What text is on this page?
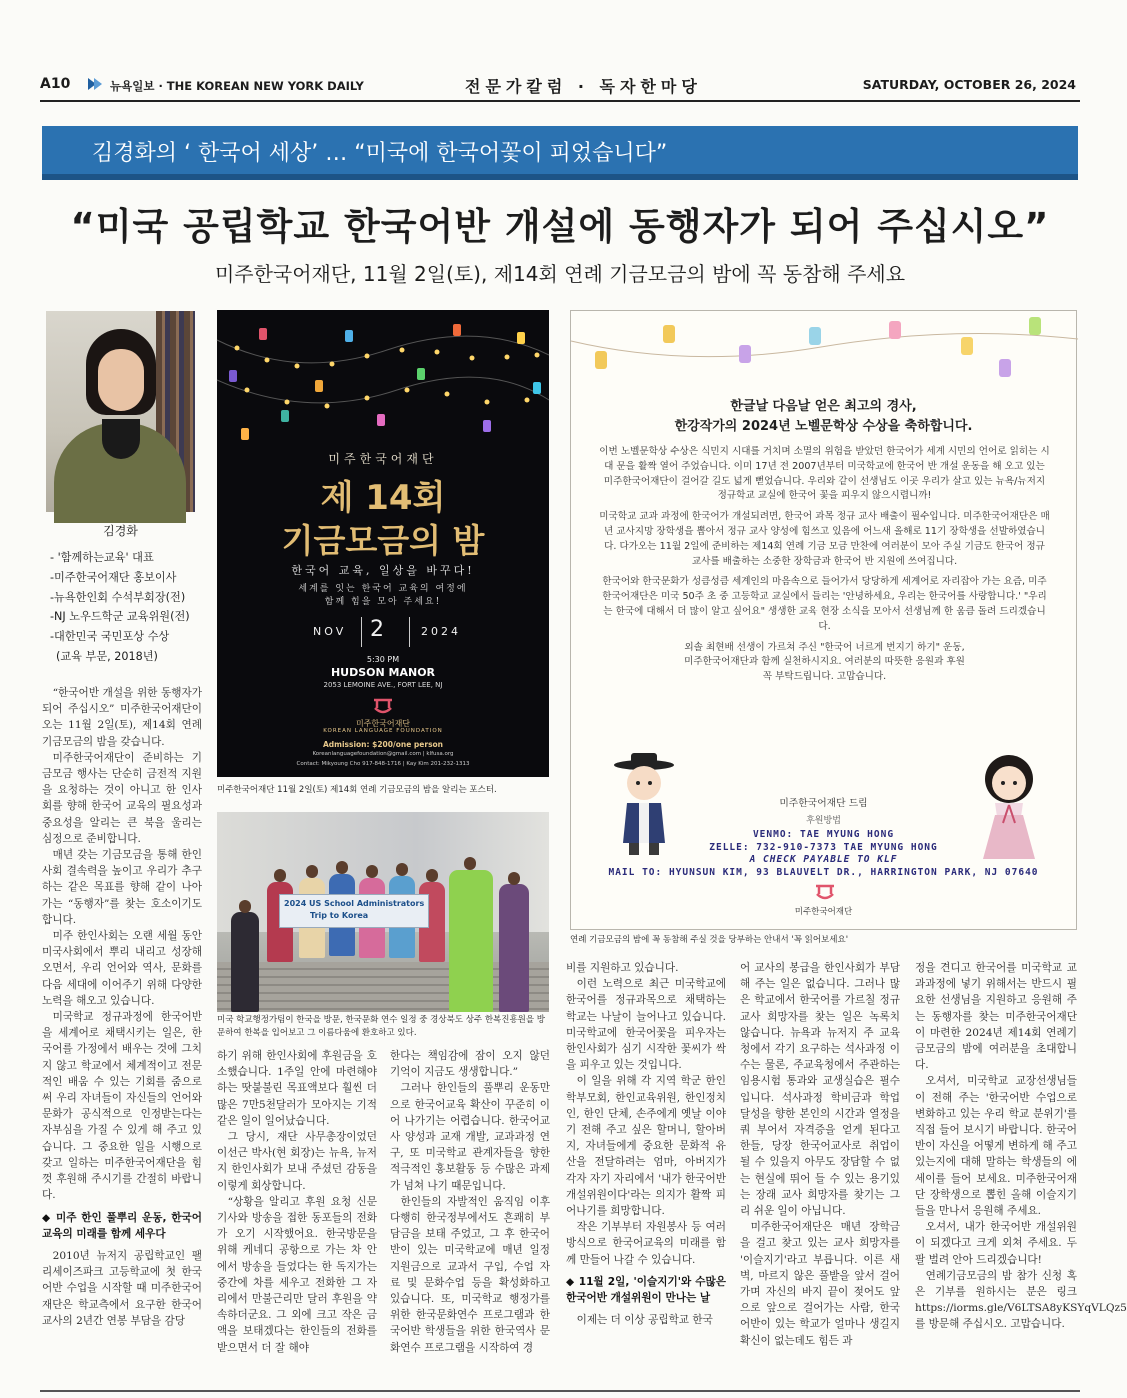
A10	뉴욕일보 · THE KOREAN NEW YORK DAILY	전문가칼럼 · 독자한마당	SATURDAY, OCTOBER 26, 2024
김경화의 ‘ 한국어 세상’ … “미국에 한국어꽃이 피었습니다”
“미국 공립학교 한국어반 개설에 동행자가 되어 주십시오”
미주한국어재단, 11월 2일(토), 제14회 연례 기금모금의 밤에 꼭 동참해 주세요
김경화
- '함께하는교육' 대표
-미주한국어재단 홍보이사
-뉴욕한인회 수석부회장(전)
-NJ 노우드학군 교육위원(전)
-대한민국 국민포상 수상
(교육 부문, 2018년)

“한국어반 개설을 위한 동행자가 되어 주십시오” 미주한국어재단이 오는 11월 2일(토), 제14회 연례 기금모금의 밤을 갖습니다.

미주한국어재단이 준비하는 기금모금 행사는 단순히 금전적 지원을 요청하는 것이 아니고 한 인사회를 향해 한국어 교육의 필요성과 중요성을 알리는 큰 북을 울리는 심정으로 준비합니다.

매년 갖는 기금모금을 통해 한인사회 결속력을 높이고 우리가 추구하는 같은 목표를 향해 같이 나아가는 “동행자”를 찾는 호소이기도 합니다.

미주 한인사회는 오랜 세월 동안 미국사회에서 뿌리 내리고 성장해 오면서, 우리 언어와 역사, 문화를 다음 세대에 이어주기 위해 다양한 노력을 해오고 있습니다.

미국학교 정규과정에 한국어반을 세계어로 채택시키는 일은, 한국어를 가정에서 배우는 것에 그치지 않고 학교에서 체계적이고 전문적인 배움 수 있는 기회를 줌으로써 우리 자녀들이 자신들의 언어와 문화가 공식적으로 인정받는다는 자부심을 가질 수 있게 해 주고 있습니다. 그 중요한 일을 시행으로 갖고 일하는 미주한국어재단을 힘껏 후원해 주시기를 간절히 바랍니다.

◆ 미주 한인 풀뿌리 운동, 한국어교육의 미래를 함께 세우다

2010년 뉴저지 공립학교인 팰리세이즈파크 고등학교에 첫 한국어반 수업을 시작할 때 미주한국어재단은 학교측에서 요구한 한국어교사의 2년간 연봉 부담을 감당

미주한국어재단
제 14회
기금모금의 밤
한국어 교육, 일상을 바꾸다!
세계를 잇는 한국어 교육의 여정에
함께 힘을 모아 주세요!
NOV 2	2024
5:30 PM
HUDSON MANOR
2053 LEMOINE AVE., FORT LEE, NJ
미주한국어재단
KOREAN LANGUAGE FOUNDATION
Admission: $200/one person
Koreanlanguagefoundation@gmail.com | klfusa.org
Contact: Mikyoung Cho 917-848-1716 | Kay Kim 201-232-1313
미주한국어재단 11월 2일(토) 제14회 연례 기금모금의 밤을 알리는 포스터.
2024 US School Administrators
Trip to Korea
미국 학교행정가팀이 한국을 방문, 한국문화 연수 일정 중 경상북도 상주 한복진흥원을 방문하여 한복을 입어보고 그 이름다움에 환호하고 있다.
한글날 다음날 얻은 최고의 경사,
한강작가의 2024년 노벨문학상 수상을 축하합니다.

이번 노벨문학상 수상은 식민지 시대를 거치며 소멸의 위험을 받았던 한국어가 세계 시민의 언어로 읽히는 시대 문을 활짝 열어 주었습니다. 이미 17년 전 2007년부터 미국학교에 한국어 반 개설 운동을 해 오고 있는 미주한국어재단이 걸어갈 길도 넓게 뻗었습니다. 우리와 같이 선생님도 이곳 우리가 살고 있는 뉴욕/뉴저지 정규학교 교실에 한국어 꽃을 피우지 않으시렵니까!

미국학교 교과 과정에 한국어가 개설되려면, 한국어 과목 정규 교사 배출이 필수입니다. 미주한국어재단은 매년 교사지망 장학생을 뽑아서 정규 교사 양성에 힘쓰고 있음에 어느새 올해로 11기 장학생을 선발하였습니다. 다가오는 11월 2일에 준비하는 제14회 연례 기금 모금 만찬에 여러분이 모아 주실 기금도 한국어 정규 교사를 배출하는 소중한 장학금과 한국어 반 지원에 쓰여집니다.

한국어와 한국문화가 성큼성큼 세계인의 마음속으로 들어가서 당당하게 세계어로 자리잡아 가는 요즘, 미주한국어재단은 미국 50주 초 중 고등학교 교실에서 들리는 '안녕하세요, 우리는 한국어를 사랑합니다.' "우리는 한국에 대해서 더 많이 알고 싶어요" 생생한 교육 현장 소식을 모아서 선생님께 한 움큼 돌려 드리겠습니다.

외솔 최현배 선생이 가르쳐 주신 "한국어 너르게 번지기 하기" 운동, 미주한국어재단과 함께 실천하시지요. 여러분의 따뜻한 응원과 후원 꼭 부탁드립니다. 고맙습니다.

미주한국어재단 드림
후원방법
VENMO: TAE MYUNG HONG
ZELLE: 732-910-7373 TAE MYUNG HONG
A CHECK PAYABLE TO KLF
MAIL TO: HYUNSUN KIM, 93 BLAUVELT DR., HARRINGTON PARK, NJ 07640
미주한국어재단
연례 기금모금의 밤에 꼭 동참해 주실 것을 당부하는 안내서 '꼭 읽어보세요'

하기 위해 한인사회에 후원금을 호소했습니다. 1주일 안에 마련해야 하는 땃붙불린 목표액보다 훨씬 더 많은 7만5천달러가 모아지는 기적 같은 일이 일어났습니다.

그 당시, 재단 사무총장이었던 이선근 박사(현 회장)는 뉴욕, 뉴저지 한인사회가 보내 주셨던 감동을 이렇게 회상합니다.

“상황을 알리고 후원 요청 신문 기사와 방송을 접한 동포들의 전화가 오기 시작했어요. 한국방문을 위해 케네디 공항으로 가는 차 안에서 방송을 들었다는 한 독지가는 중간에 차를 세우고 전화한 그 자리에서 만불근리만 달러 후원을 약속하더군요. 그 외에 크고 작은 금액을 보태겠다는 한인들의 전화를 받으면서 더 잘 해야

한다는 책임감에 잠이 오지 않던 기억이 지금도 생생합니다.”

그러나 한인들의 풀뿌리 운동만으로 한국어교육 확산이 꾸준히 이어 나가기는 어렵습니다. 한국어교사 양성과 교재 개발, 교과과정 연구, 또 미국학교 관계자들을 향한 적극적인 홍보활동 등 수많은 과제가 넘쳐 나기 때문입니다.

한인들의 자발적인 움직임 이후 다행히 한국정부에서도 흔쾌히 부담금을 보태 주었고, 그 후 한국어반이 있는 미국학교에 매년 일정 지원금으로 교과서 구입, 수업 자료 및 문화수업 등을 확성화하고 있습니다. 또, 미국학교 행정가를 위한 한국문화연수 프로그램과 한국어반 학생들을 위한 한국역사 문화연수 프로그램을 시작하여 경

비를 지원하고 있습니다.

이런 노력으로 최근 미국학교에 한국어를 정규과목으로 채택하는 학교는 나날이 늘어나고 있습니다. 미국학교에 한국어꽃을 피우자는 한인사회가 심기 시작한 꽃씨가 싹을 피우고 있는 것입니다.

이 일을 위해 각 지역 학군 한인학부모회, 한인교육위원, 한인정치인, 한인 단체, 손주에게 옛날 이야기 전해 주고 싶은 할머니, 할아버지, 자녀들에게 중요한 문화적 유산을 전달하려는 엄마, 아버지가 각자 자기 자리에서 '내가 한국어반 개설위원이다'라는 의지가 활짝 피어나기를 희망합니다.

작은 기부부터 자원봉사 등 여러 방식으로 한국어교육의 미래를 함께 만들어 나갈 수 있습니다.

◆ 11월 2일, '이슬지기'와 수많은 한국어반 개설위원이 만나는 날

이제는 더 이상 공립학교 한국

어 교사의 봉급을 한인사회가 부담해 주는 일은 없습니다. 그러나 많은 학교에서 한국어를 가르칠 정규교사 희망자를 찾는 일은 녹록치 않습니다. 뉴욕과 뉴저지 주 교육청에서 각기 요구하는 석사과정 이수는 물론, 주교육청에서 주관하는 임용시험 통과와 교생실습은 필수입니다. 석사과정 학비금과 학업 달성을 향한 본인의 시간과 열정을 쿼 부어서 자격증을 얻게 된다고 한들, 당장 한국어교사로 취업이 될 수 있을지 아무도 장담할 수 없는 현실에 뛰어 들 수 있는 용기있는 장래 교사 희망자를 찾기는 그리 쉬운 일이 아닙니다.

미주한국어재단은 매년 장학금을 걸고 찾고 있는 교사 희망자를 '이슬지기'라고 부릅니다. 이른 새벽, 마르지 않은 풀밭을 앞서 걸어가며 자신의 바지 끝이 젖어도 앞으로 앞으로 걸어가는 사람, 한국어반이 있는 학교가 얼마나 생길지 확신이 없는데도 힘든 과

정을 견디고 한국어를 미국학교 교과과정에 넣기 위해서는 반드시 필요한 선생님을 지원하고 응원해 주는 동행자를 찾는 미주한국어재단이 마련한 2024년 제14회 연례기금모금의 밤에 여러분을 초대합니다.

오셔서, 미국학교 교장선생님들이 전해 주는 '한국어반 수업으로 변화하고 있는 우리 학교 분위기'를 직접 들어 보시기 바랍니다. 한국어반이 자신을 어떻게 변하게 해 주고 있는지에 대해 말하는 학생들의 에세이를 들어 보세요. 미주한국어재단 장학생으로 뽑힌 올해 이슬지기들을 만나서 응원해 주세요.

오셔서, 내가 한국어반 개설위원이 되겠다고 크게 외쳐 주세요. 두 팔 벌려 안아 드리겠습니다!

연례기금모금의 밤 참가 신청 혹은 기부를 원하시는 분은 링크 https://iorms.gle/V6LTSA8yKSYqVLQz5를 방문해 주십시오. 고맙습니다.
